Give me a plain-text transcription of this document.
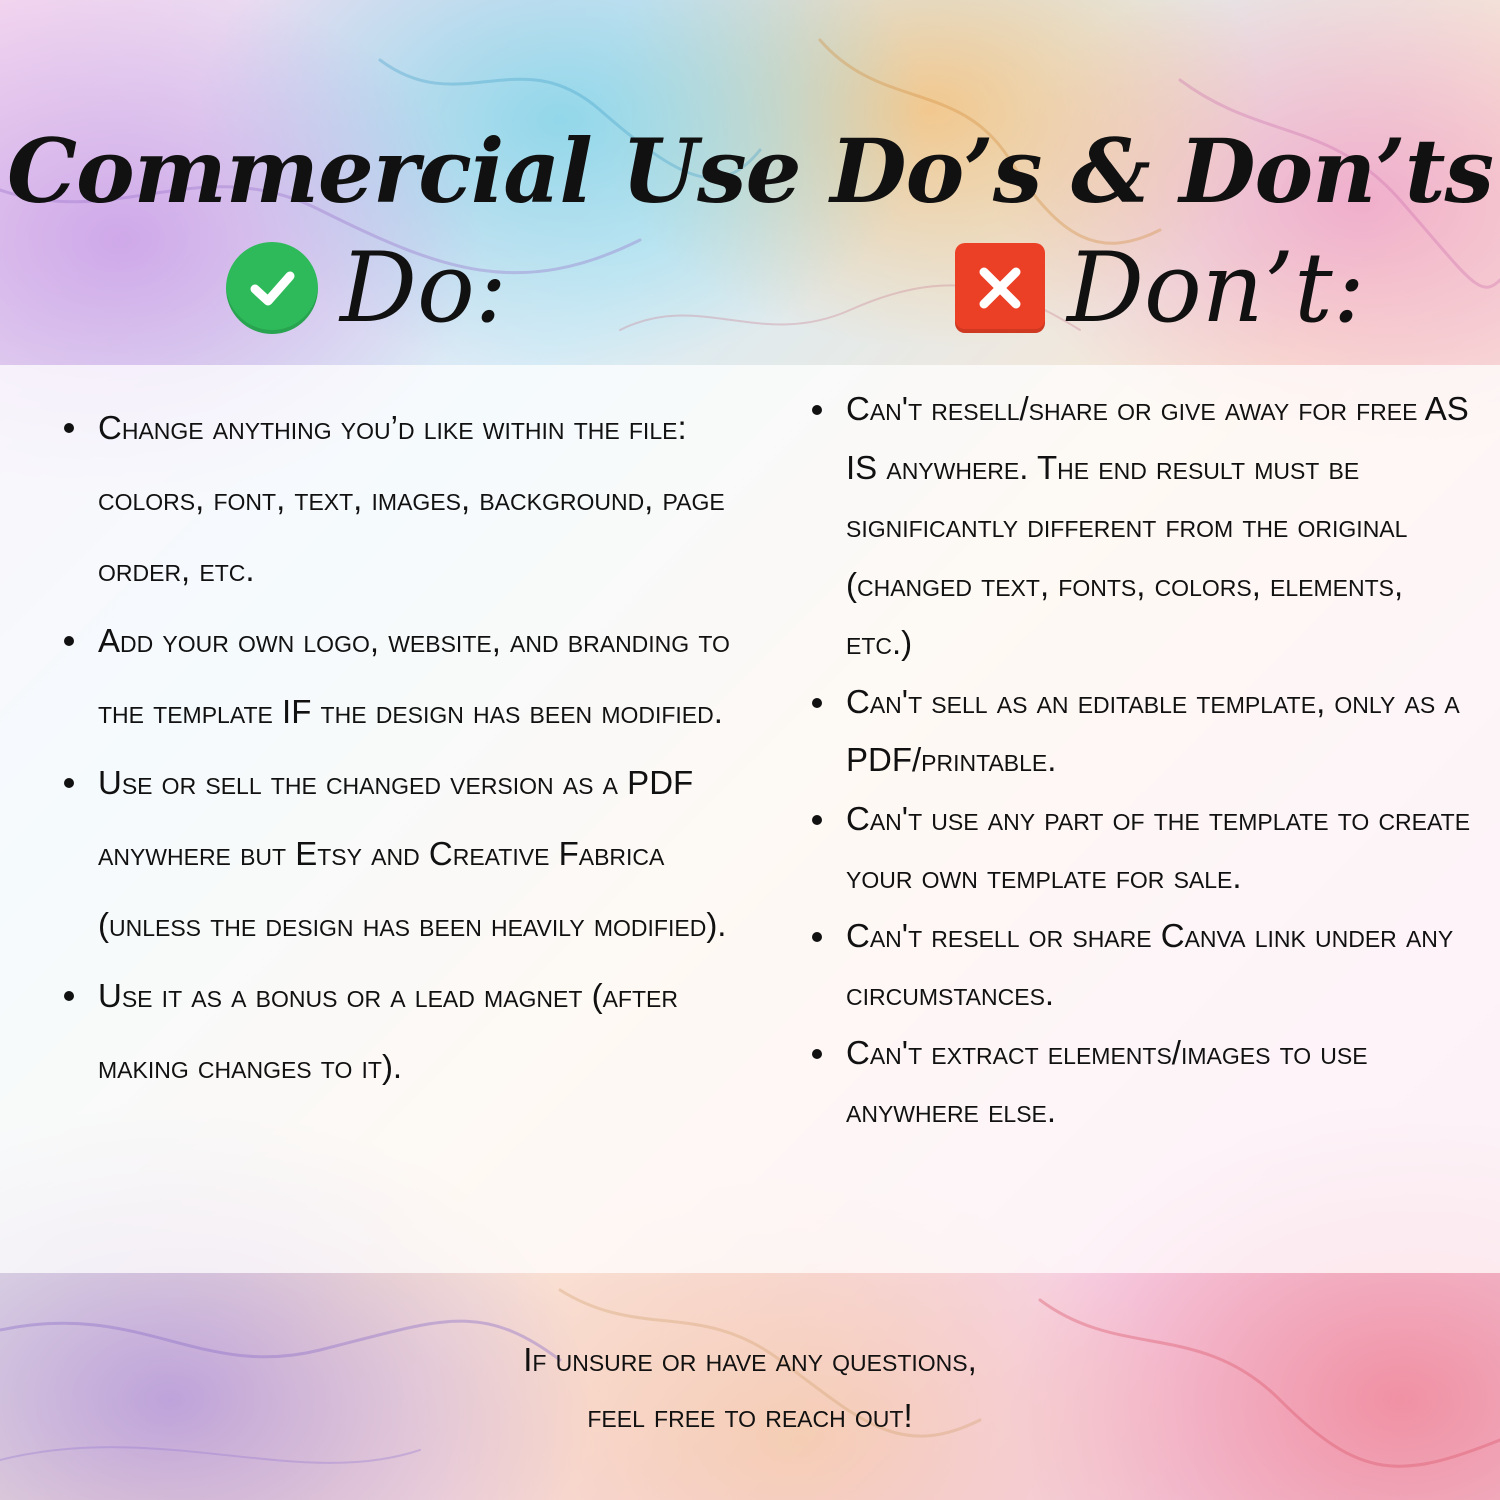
Commercial Use Do’s & Don’ts
Do:	Don’t:
Change anything you’d like within the file: colors, font, text, images, background, page order, etc.
Add your own logo, website, and branding to the template IF the design has been modified.
Use or sell the changed version as a PDF anywhere but Etsy and Creative Fabrica (unless the design has been heavily modified).
Use it as a bonus or a lead magnet (after making changes to it).
Can't resell/share or give away for free AS IS anywhere. The end result must be significantly different from the original (changed text, fonts, colors, elements, etc.)
Can't sell as an editable template, only as a PDF/printable.
Can't use any part of the template to create your own template for sale.
Can't resell or share Canva link under any circumstances.
Can't extract elements/images to use anywhere else.
If unsure or have any questions,
feel free to reach out!
